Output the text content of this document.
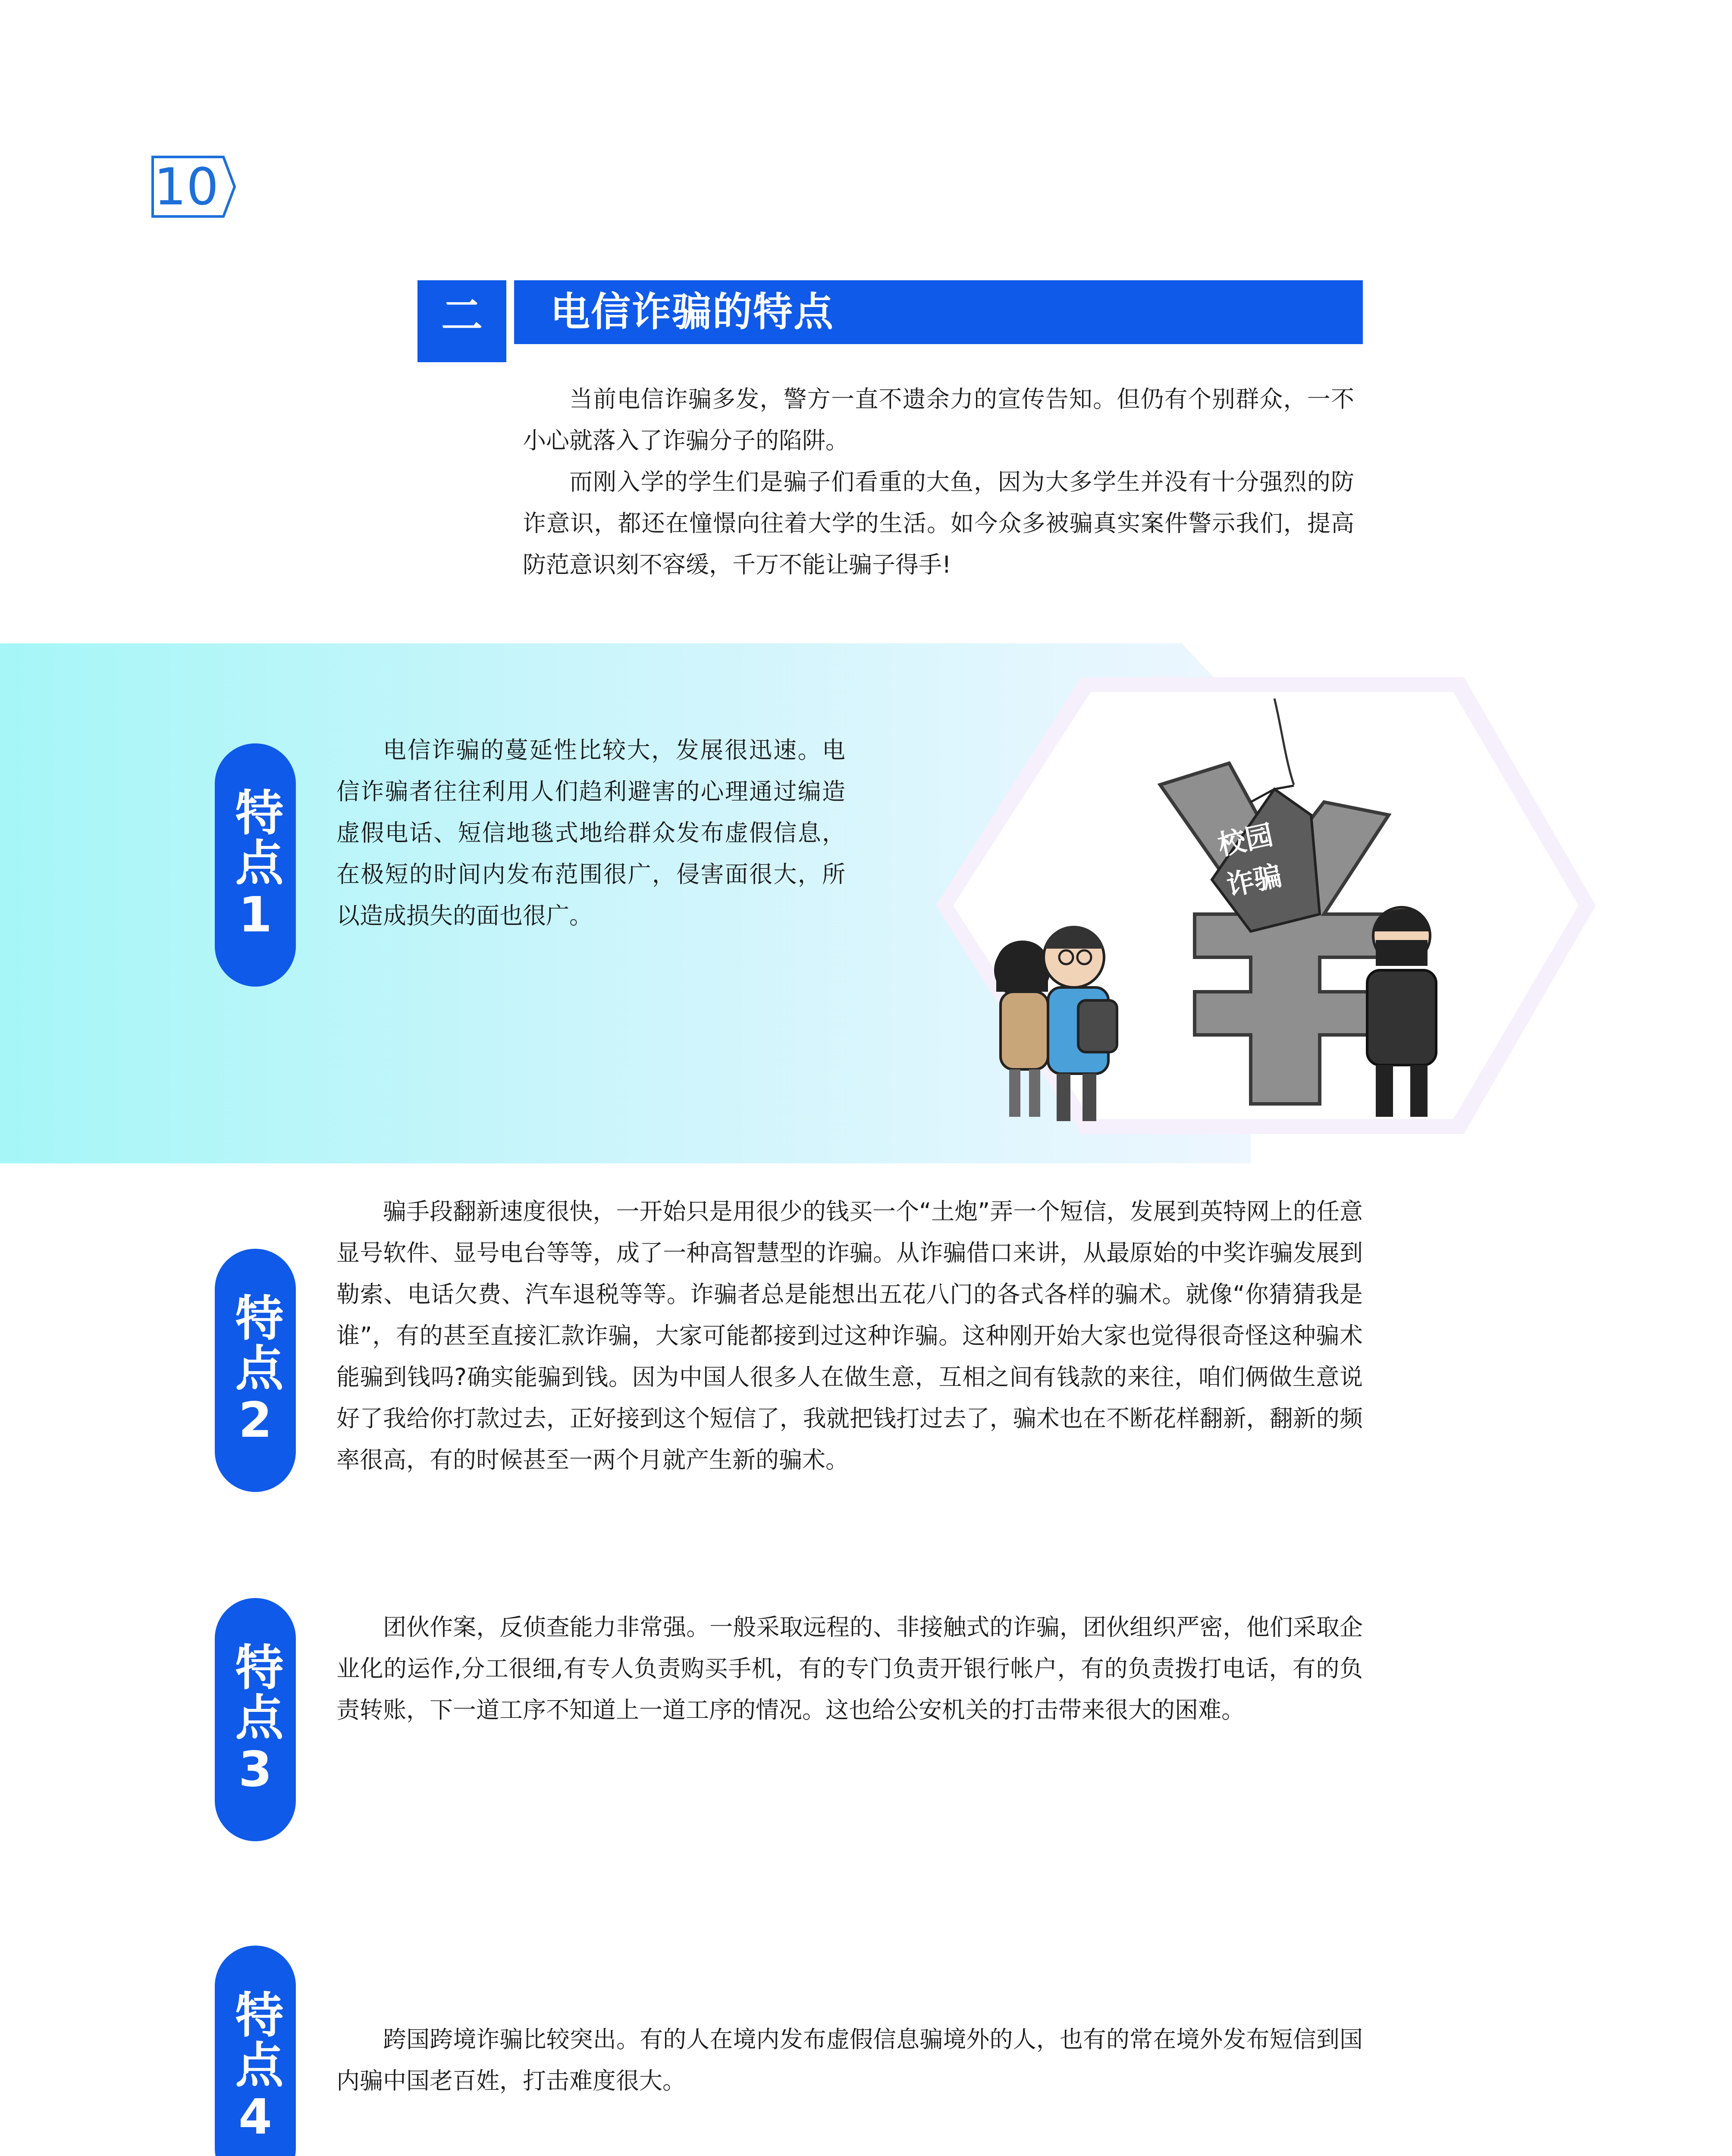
10
二	电信诈骗的特点
当前电信诈骗多发，警方一直不遗余力的宣传告知。但仍有个别群众，一不小心就落入了诈骗分子的陷阱。
而刚入学的学生们是骗子们看重的大鱼，因为大多学生并没有十分强烈的防诈意识，都还在憧憬向往着大学的生活。如今众多被骗真实案件警示我们，提高防范意识刻不容缓，千万不能让骗子得手!
校园诈骗
特点
1
电信诈骗的蔓延性比较大，发展很迅速。电信诈骗者往往利用人们趋利避害的心理通过编造虚假电话、短信地毯式地给群众发布虚假信息，在极短的时间内发布范围很广，侵害面很大，所以造成损失的面也很广。
特点
2
骗手段翻新速度很快，一开始只是用很少的钱买一个“土炮”弄一个短信，发展到英特网上的任意显号软件、显号电台等等，成了一种高智慧型的诈骗。从诈骗借口来讲，从最原始的中奖诈骗发展到勒索、电话欠费、汽车退税等等。诈骗者总是能想出五花八门的各式各样的骗术。就像“你猜猜我是谁”，有的甚至直接汇款诈骗，大家可能都接到过这种诈骗。这种刚开始大家也觉得很奇怪这种骗术能骗到钱吗?确实能骗到钱。因为中国人很多人在做生意，互相之间有钱款的来往，咱们俩做生意说好了我给你打款过去，正好接到这个短信了，我就把钱打过去了，骗术也在不断花样翻新，翻新的频率很高，有的时候甚至一两个月就产生新的骗术。
特点
3
团伙作案，反侦查能力非常强。一般采取远程的、非接触式的诈骗，团伙组织严密，他们采取企业化的运作,分工很细,有专人负责购买手机，有的专门负责开银行帐户，有的负责拨打电话，有的负责转账，下一道工序不知道上一道工序的情况。这也给公安机关的打击带来很大的困难。
特点
4
跨国跨境诈骗比较突出。有的人在境内发布虚假信息骗境外的人，也有的常在境外发布短信到国内骗中国老百姓，打击难度很大。
